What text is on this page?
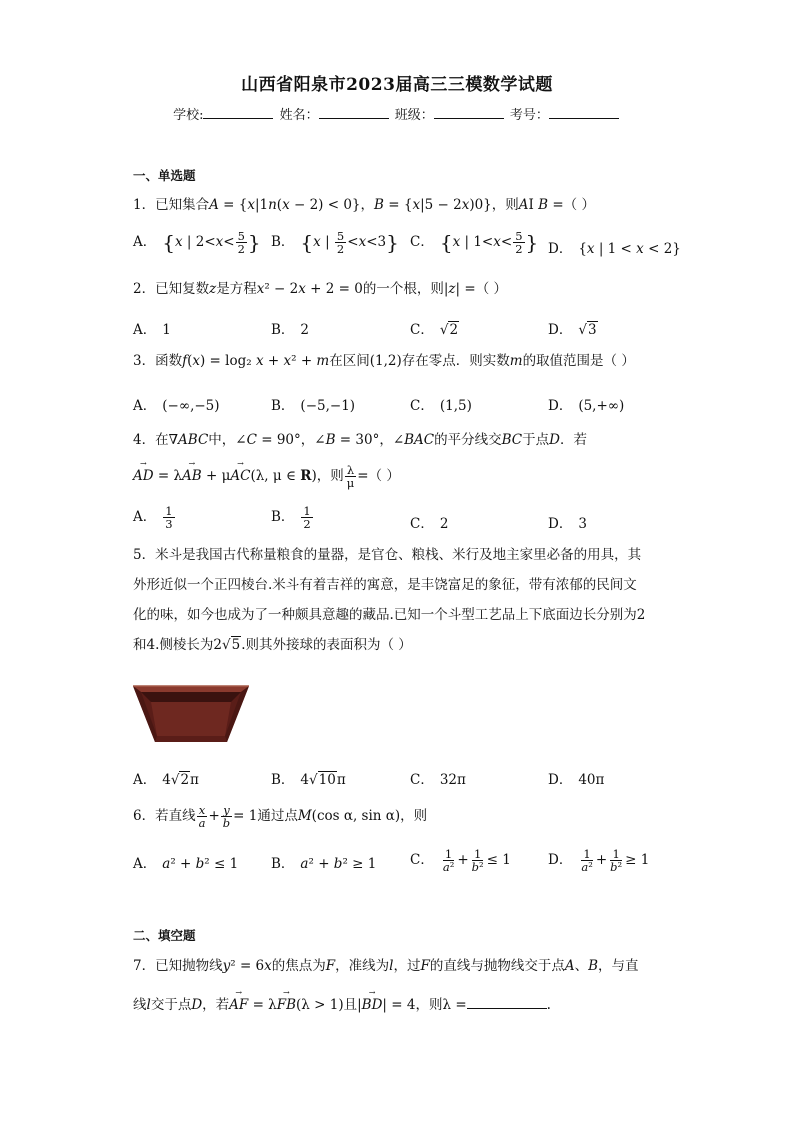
山西省阳泉市2023届高三三模数学试题
学校:	姓名：	班级：	考号：
一、单选题
1．已知集合A = {x|1n(x − 2) < 0}，B = {x|5 − 2x)0}，则AI B =（ ）
A． {x | $2<x< \frac{5}{2}$ } B． {x | $\frac{5}{2} <x<3$} C． {x | $1<x< \frac{5}{2}$ } D． {x | 1 < x < 2}
2．已知复数z是方程x² − 2x + 2 = 0的一个根，则|z| =（ ）
A． 1	B． 2	C． √2	D． √3
3．函数f(x) = log₂ x + x² + m在区间(1,2)存在零点．则实数m的取值范围是（ ）
A． (−∞,−5)	B． (−5,−1)	C． (1,5)	D． (5,+∞)
4．在∇ABC中，∠C = 90°，∠B = 30°，∠BAC的平分线交BC于点D．若
→ AD = λ→ AB + μ→ AC(λ, μ ∈ R)，则 $\frac{\lambda}{\mu}$ =（ ）
A． $\frac{1}{3}$	B． $\frac{1}{2}$	C． 2	D． 3
5．米斗是我国古代称量粮食的量器，是官仓、粮栈、米行及地主家里必备的用具，其
外形近似一个正四棱台.米斗有着吉祥的寓意，是丰饶富足的象征，带有浓郁的民间文
化的味，如今也成为了一种颇具意趣的藏品.已知一个斗型工艺品上下底面边长分别为2
和4.侧棱长为2√5.则其外接球的表面积为（ ）
A． 4√2π	B． 4√10π	C． 32π	D． 40π
6．若直线 $\frac{x}{a} + \frac{y}{b} = 1$通过点M(cos α, sin α)，则
A． a² + b² ≤ 1 B． a² + b² ≥ 1 C． $\frac{1}{\text{a²}} + \frac{1}{\text{b²}} \le 1$	D． $\frac{1}{\text{a²}} + \frac{1}{\text{b²}} \ge 1$
二、填空题
7．已知抛物线y² = 6x的焦点为F，准线为l，过F的直线与抛物线交于点A、B，与直
线l交于点D，若→ AF = λ→ FB(λ > 1)且|→ BD| = 4，则λ =	.
